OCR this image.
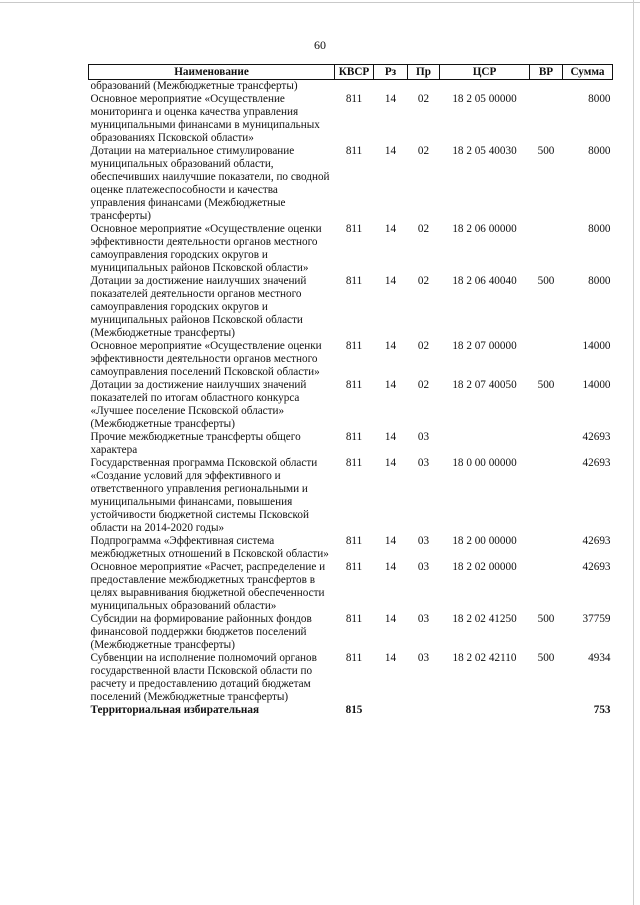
60
Наименование	КВСР	Рз	Пр	ЦСР	ВР	Сумма
образований (Межбюджетные трансферты)						
Основное мероприятие «Осуществление мониторинга и оценка качества управления муниципальными финансами в муниципальных образованиях Псковской области»	811	14	02	18 2 05 00000		8000
Дотации на материальное стимулирование муниципальных образований области, обеспечивших наилучшие показатели, по сводной оценке платежеспособности и качества управления финансами (Межбюджетные трансферты)	811	14	02	18 2 05 40030	500	8000
Основное мероприятие «Осуществление оценки эффективности деятельности органов местного самоуправления городских округов и муниципальных районов Псковской области»	811	14	02	18 2 06 00000		8000
Дотации за достижение наилучших значений показателей деятельности органов местного самоуправления городских округов и муниципальных районов Псковской области (Межбюджетные трансферты)	811	14	02	18 2 06 40040	500	8000
Основное мероприятие «Осуществление оценки эффективности деятельности органов местного самоуправления поселений Псковской области»	811	14	02	18 2 07 00000		14000
Дотации за достижение наилучших значений показателей по итогам областного конкурса «Лучшее поселение Псковской области» (Межбюджетные трансферты)	811	14	02	18 2 07 40050	500	14000
Прочие межбюджетные трансферты общего характера	811	14	03			42693
Государственная программа Псковской области «Создание условий для эффективного и ответственного управления региональными и муниципальными финансами, повышения устойчивости бюджетной системы Псковской области на 2014-2020 годы»	811	14	03	18 0 00 00000		42693
Подпрограмма «Эффективная система межбюджетных отношений в Псковской области»	811	14	03	18 2 00 00000		42693
Основное мероприятие «Расчет, распределение и предоставление межбюджетных трансфертов в целях выравнивания бюджетной обеспеченности муниципальных образований области»	811	14	03	18 2 02 00000		42693
Субсидии на формирование районных фондов финансовой поддержки бюджетов поселений (Межбюджетные трансферты)	811	14	03	18 2 02 41250	500	37759
Субвенции на исполнение полномочий органов государственной власти Псковской области по расчету и предоставлению дотаций бюджетам поселений (Межбюджетные трансферты)	811	14	03	18 2 02 42110	500	4934
Территориальная избирательная	815					753
